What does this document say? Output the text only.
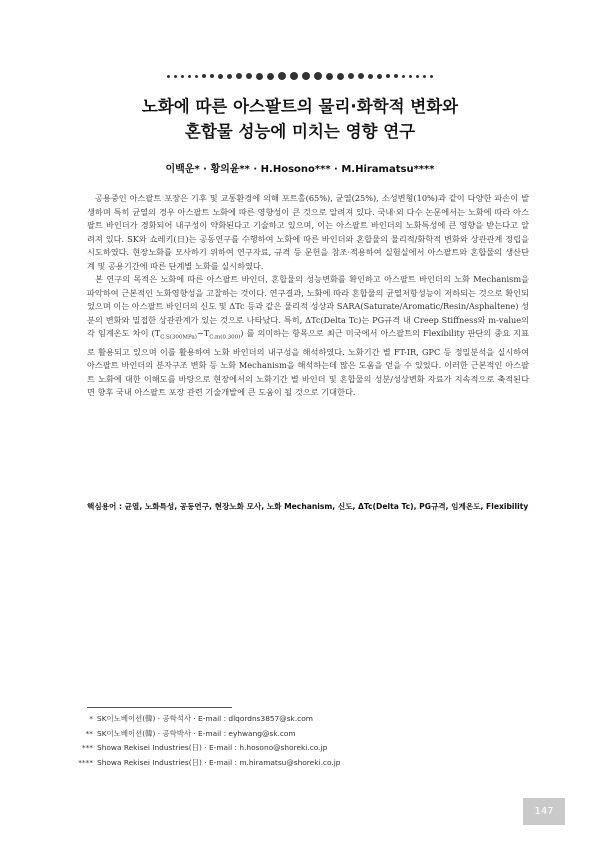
노화에 따른 아스팔트의 물리·화학적 변화와
혼합물 성능에 미치는 영향 연구
이백운* · 황의윤** · H.Hosono*** · M.Hiramatsu****

공용중인 아스팔트 포장은 기후 및 교통환경에 의해 포트홀(65%), 균열(25%), 소성변형(10%)과 같이 다양한 파손이 발생하며 특히 균열의 경우 아스팔트 노화에 따른 영향성이 큰 것으로 알려져 있다. 국내·외 다수 논문에서는 노화에 따라 아스팔트 바인더가 경화되어 내구성이 약화된다고 기술하고 있으며, 이는 아스팔트 바인더의 노화특성에 큰 영향을 받는다고 알려져 있다. SK와 쇼레키(日)는 공동연구를 수행하여 노화에 따른 바인더와 혼합물의 물리적/화학적 변화와 상관관계 정립을 시도하였다. 현장노화를 모사하기 위하여 연구자료, 규격 등 문헌을 참조·적용하여 실험실에서 아스팔트와 혼합물의 생산단계 및 공용기간에 따른 단계별 노화를 실시하였다.

본 연구의 목적은 노화에 따른 아스팔트 바인더, 혼합물의 성능변화를 확인하고 아스팔트 바인더의 노화 Mechanism을 파악하여 근본적인 노화영향성을 고찰하는 것이다. 연구결과, 노화에 따라 혼합물의 균열저항성능이 저하되는 것으로 확인되었으며 이는 아스팔트 바인더의 신도 및 ΔTc 등과 같은 물리적 성상과 SARA(Saturate/Aromatic/Resin/Asphaltene) 성분의 변화와 밀접한 상관관계가 있는 것으로 나타났다. 특히, ΔTc(Delta Tc)는 PG규격 내 Creep Stiffness와 m-value의 각 임계온도 차이 $(T_{C.S(300MPa)}-T_{C.m(0.300)})$ 를 의미하는 항목으로 최근 미국에서 아스팔트의 Flexibility 판단의 중요 지표로 활용되고 있으며 이를 활용하여 노화 바인더의 내구성을 해석하였다. 노화기간 별 FT-IR, GPC 등 정밀분석을 실시하여 아스팔트 바인더의 분자구조 변화 등 노화 Mechanism을 해석하는데 많은 도움을 얻을 수 있었다. 이러한 근본적인 아스팔트 노화에 대한 이해도를 바탕으로 현장에서의 노화기간 별 바인더 및 혼합물의 성분/성상변화 자료가 지속적으로 축적된다면 향후 국내 아스팔트 포장 관련 기술개발에 큰 도움이 될 것으로 기대한다.

핵심용어 : 균열, 노화특성, 공동연구, 현장노화 모사, 노화 Mechanism, 신도, ΔTc(Delta Tc), PG규격, 임계온도, Flexibility
* SK이노베이션(韓) · 공학석사 · E-mail : dlqordns3857@sk.com
** SK이노베이션(韓) · 공학박사 · E-mail : eyhwang@sk.com
*** Showa Rekisei Industries(日) · E-mail : h.hosono@shoreki.co.jp
**** Showa Rekisei Industries(日) · E-mail : m.hiramatsu@shoreki.co.jp
147
